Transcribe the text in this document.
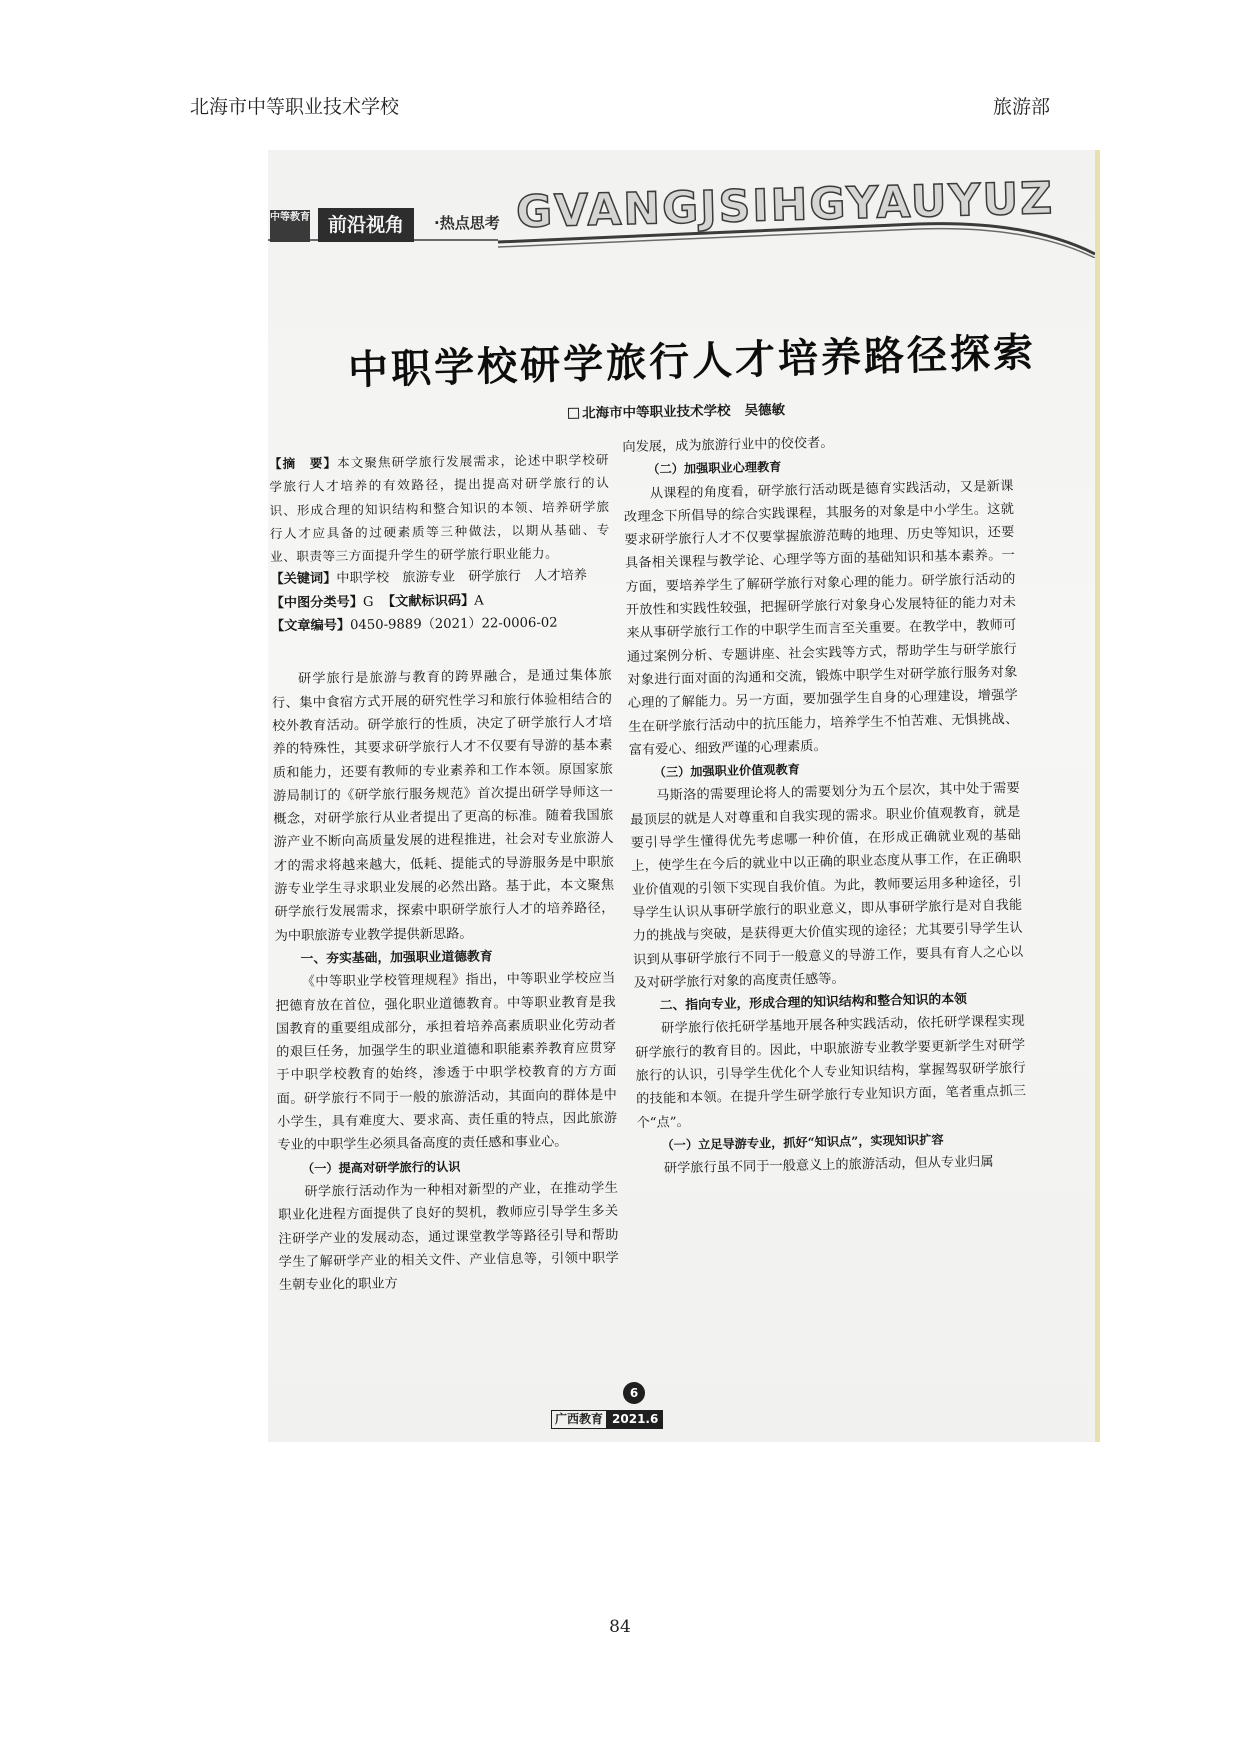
北海市中等职业技术学校	旅游部
中等教育 前沿视角	·热点思考 GVANGJSIHGYAUYUZ
中职学校研学旅行人才培养路径探索
北海市中等职业技术学校 吴德敏

【摘　要】本文聚焦研学旅行发展需求，论述中职学校研学旅行人才培养的有效路径，提出提高对研学旅行的认识、形成合理的知识结构和整合知识的本领、培养研学旅行人才应具备的过硬素质等三种做法，以期从基础、专业、职责等三方面提升学生的研学旅行职业能力。

【关键词】中职学校　旅游专业　研学旅行　人才培养

【中图分类号】G 【文献标识码】A

【文章编号】0450-9889（2021）22-0006-02

研学旅行是旅游与教育的跨界融合，是通过集体旅行、集中食宿方式开展的研究性学习和旅行体验相结合的校外教育活动。研学旅行的性质，决定了研学旅行人才培养的特殊性，其要求研学旅行人才不仅要有导游的基本素质和能力，还要有教师的专业素养和工作本领。原国家旅游局制订的《研学旅行服务规范》首次提出研学导师这一概念，对研学旅行从业者提出了更高的标准。随着我国旅游产业不断向高质量发展的进程推进，社会对专业旅游人才的需求将越来越大，低耗、提能式的导游服务是中职旅游专业学生寻求职业发展的必然出路。基于此，本文聚焦研学旅行发展需求，探索中职研学旅行人才的培养路径，为中职旅游专业教学提供新思路。

一、夯实基础，加强职业道德教育

《中等职业学校管理规程》指出，中等职业学校应当把德育放在首位，强化职业道德教育。中等职业教育是我国教育的重要组成部分，承担着培养高素质职业化劳动者的艰巨任务，加强学生的职业道德和职能素养教育应贯穿于中职学校教育的始终，渗透于中职学校教育的方方面面。研学旅行不同于一般的旅游活动，其面向的群体是中小学生，具有难度大、要求高、责任重的特点，因此旅游专业的中职学生必须具备高度的责任感和事业心。

（一）提高对研学旅行的认识

研学旅行活动作为一种相对新型的产业，在推动学生职业化进程方面提供了良好的契机，教师应引导学生多关注研学产业的发展动态，通过课堂教学等路径引导和帮助学生了解研学产业的相关文件、产业信息等，引领中职学生朝专业化的职业方

向发展，成为旅游行业中的佼佼者。

（二）加强职业心理教育

从课程的角度看，研学旅行活动既是德育实践活动，又是新课改理念下所倡导的综合实践课程，其服务的对象是中小学生。这就要求研学旅行人才不仅要掌握旅游范畴的地理、历史等知识，还要具备相关课程与教学论、心理学等方面的基础知识和基本素养。一方面，要培养学生了解研学旅行对象心理的能力。研学旅行活动的开放性和实践性较强，把握研学旅行对象身心发展特征的能力对未来从事研学旅行工作的中职学生而言至关重要。在教学中，教师可通过案例分析、专题讲座、社会实践等方式，帮助学生与研学旅行对象进行面对面的沟通和交流，锻炼中职学生对研学旅行服务对象心理的了解能力。另一方面，要加强学生自身的心理建设，增强学生在研学旅行活动中的抗压能力，培养学生不怕苦难、无惧挑战、富有爱心、细致严谨的心理素质。

（三）加强职业价值观教育

马斯洛的需要理论将人的需要划分为五个层次，其中处于需要最顶层的就是人对尊重和自我实现的需求。职业价值观教育，就是要引导学生懂得优先考虑哪一种价值，在形成正确就业观的基础上，使学生在今后的就业中以正确的职业态度从事工作，在正确职业价值观的引领下实现自我价值。为此，教师要运用多种途径，引导学生认识从事研学旅行的职业意义，即从事研学旅行是对自我能力的挑战与突破，是获得更大价值实现的途径；尤其要引导学生认识到从事研学旅行不同于一般意义的导游工作，要具有育人之心以及对研学旅行对象的高度责任感等。

二、指向专业，形成合理的知识结构和整合知识的本领

研学旅行依托研学基地开展各种实践活动，依托研学课程实现研学旅行的教育目的。因此，中职旅游专业教学要更新学生对研学旅行的认识，引导学生优化个人专业知识结构，掌握驾驭研学旅行的技能和本领。在提升学生研学旅行专业知识方面，笔者重点抓三个“点”。

（一）立足导游专业，抓好“知识点”，实现知识扩容

研学旅行虽不同于一般意义上的旅游活动，但从专业归属

6
广西教育 2021.6
84
